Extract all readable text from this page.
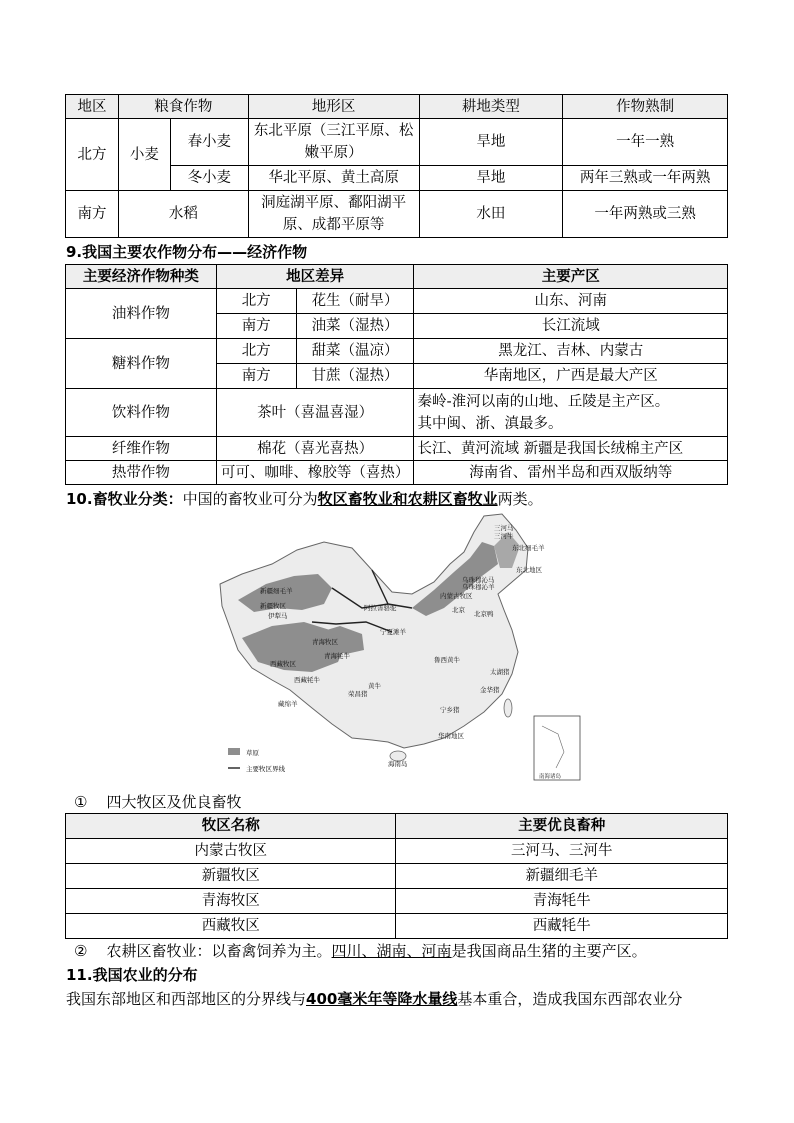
地区	粮食作物		地形区	耕地类型	作物熟制
北方	小麦	春小麦	东北平原（三江平原、松嫩平原）	旱地	一年一熟
		冬小麦	华北平原、黄土高原	旱地	两年三熟或一年两熟
南方	水稻		洞庭湖平原、鄱阳湖平原、成都平原等	水田	一年两熟或三熟
9.我国主要农作物分布——经济作物
主要经济作物种类	地区差异		主要产区
油料作物	北方	花生（耐旱）	山东、河南
	南方	油菜（湿热）	长江流域
糖料作物	北方	甜菜（温凉）	黑龙江、吉林、内蒙古
	南方	甘蔗（湿热）	华南地区，广西是最大产区
饮料作物	茶叶（喜温喜湿）		秦岭-淮河以南的山地、丘陵是主产区。
其中闽、浙、滇最多。

纤维作物	棉花（喜光喜热）		长江、黄河流域 新疆是我国长绒棉主产区
热带作物	可可、咖啡、橡胶等（喜热）		海南省、雷州半岛和西双版纳等
10.畜牧业分类：中国的畜牧业可分为牧区畜牧业和农耕区畜牧业两类。
三河马
三河牛
东北细毛羊
东北地区
乌珠穆沁马
乌珠穆沁羊
内蒙古牧区
新疆牧区
新疆细毛羊
伊犁马
阿拉善骆驼
宁夏滩羊
北京 北京鸭
青海牧区
青海牦牛
西藏牧区
西藏牦牛
藏绵羊
黄牛
鲁西黄牛
荣昌猪
太湖猪
金华猪
宁乡猪
华南地区
海南岛
南海诸岛
草原
主要牧区界线
① 四大牧区及优良畜牧
牧区名称	主要优良畜种
内蒙古牧区	三河马、三河牛
新疆牧区	新疆细毛羊
青海牧区	青海牦牛
西藏牧区	西藏牦牛
② 农耕区畜牧业：以畜禽饲养为主。四川、湖南、河南是我国商品生猪的主要产区。
11.我国农业的分布
我国东部地区和西部地区的分界线与400毫米年等降水量线基本重合，造成我国东西部农业分
